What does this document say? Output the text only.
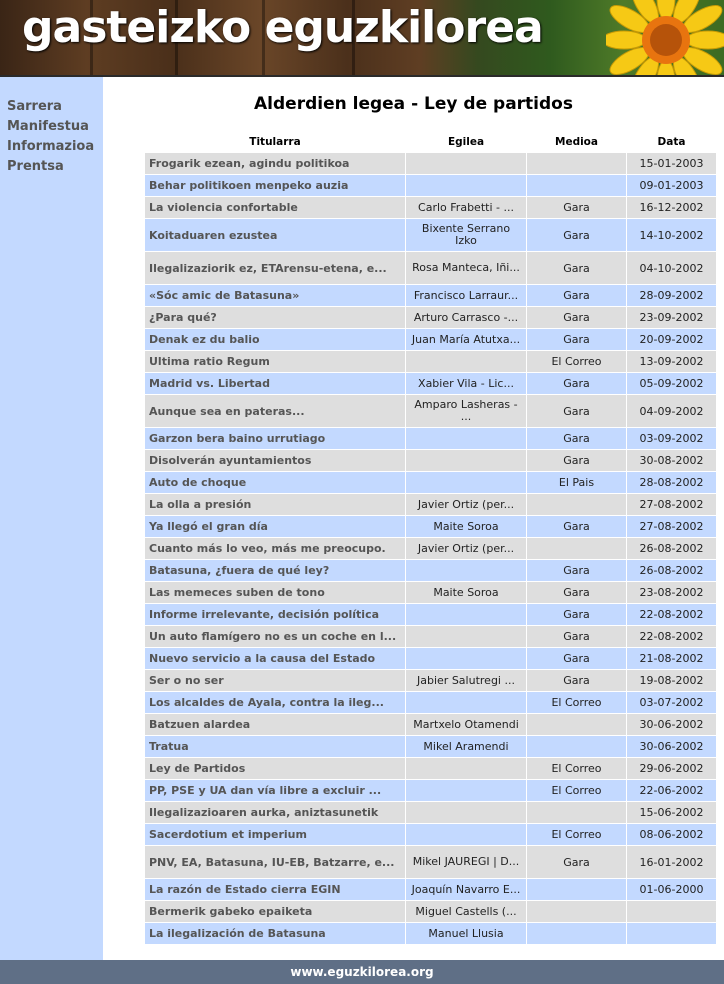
gasteizko eguzkilorea
Sarrera
Manifestua
Informazioa
Prentsa
Alderdien legea - Ley de partidos
Titularra	Egilea	Medioa	Data
Frogarik ezean, agindu politikoa			15-01-2003
Behar politikoen menpeko auzia			09-01-2003
La violencia confortable	Carlo Frabetti - ...	Gara	16-12-2002
Koitaduaren ezustea	Bixente Serrano Izko	Gara	14-10-2002
Ilegalizaziorik ez, ETArensu-etena, e...	Rosa Manteca, Iñi...	Gara	04-10-2002
«Sóc amic de Batasuna»	Francisco Larraur...	Gara	28-09-2002
¿Para qué?	Arturo Carrasco -...	Gara	23-09-2002
Denak ez du balio	Juan María Atutxa...	Gara	20-09-2002
Ultima ratio Regum		El Correo	13-09-2002
Madrid vs. Libertad	Xabier Vila - Lic...	Gara	05-09-2002
Aunque sea en pateras...	Amparo Lasheras - ...	Gara	04-09-2002
Garzon bera baino urrutiago		Gara	03-09-2002
Disolverán ayuntamientos		Gara	30-08-2002
Auto de choque		El Pais	28-08-2002
La olla a presión	Javier Ortiz (per...		27-08-2002
Ya llegó el gran día	Maite Soroa	Gara	27-08-2002
Cuanto más lo veo, más me preocupo.	Javier Ortiz (per...		26-08-2002
Batasuna, ¿fuera de qué ley?		Gara	26-08-2002
Las memeces suben de tono	Maite Soroa	Gara	23-08-2002
Informe irrelevante, decisión política		Gara	22-08-2002
Un auto flamígero no es un coche en l...		Gara	22-08-2002
Nuevo servicio a la causa del Estado		Gara	21-08-2002
Ser o no ser	Jabier Salutregi ...	Gara	19-08-2002
Los alcaldes de Ayala, contra la ileg...		El Correo	03-07-2002
Batzuen alardea	Martxelo Otamendi		30-06-2002
Tratua	Mikel Aramendi		30-06-2002
Ley de Partidos		El Correo	29-06-2002
PP, PSE y UA dan vía libre a excluir ...		El Correo	22-06-2002
Ilegalizazioaren aurka, aniztasunetik			15-06-2002
Sacerdotium et imperium		El Correo	08-06-2002
PNV, EA, Batasuna, IU-EB, Batzarre, e...	Mikel JAUREGI | D...	Gara	16-01-2002
La razón de Estado cierra EGIN	Joaquín Navarro E...		01-06-2000
Bermerik gabeko epaiketa	Miguel Castells (...		
La ilegalización de Batasuna	Manuel Llusia		
www.eguzkilorea.org
